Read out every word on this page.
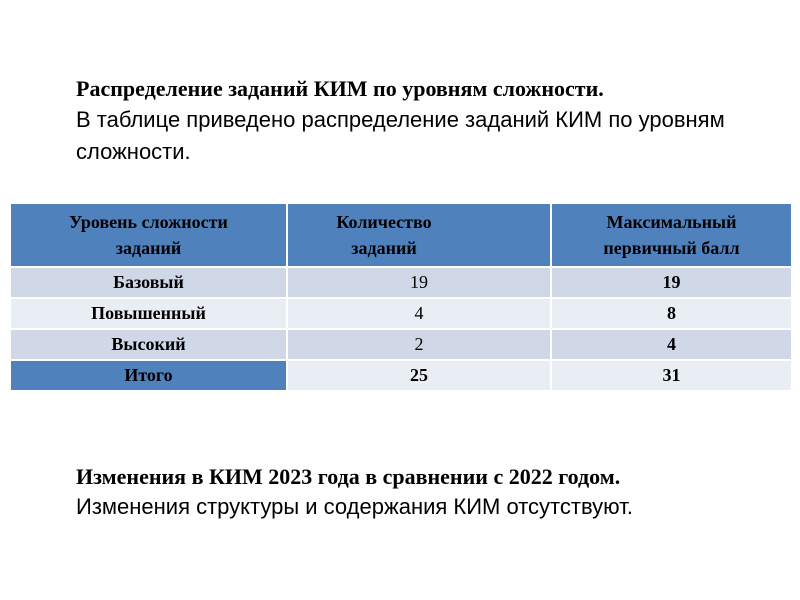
Распределение заданий КИМ по уровням сложности.

В таблице приведено распределение заданий КИМ по уровням сложности.

Уровень сложности заданий	Количество заданий	Максимальный первичный балл
Базовый	19	19
Повышенный	4	8
Высокий	2	4
Итого	25	31

Изменения в КИМ 2023 года в сравнении с 2022 годом.

Изменения структуры и содержания КИМ отсутствуют.
